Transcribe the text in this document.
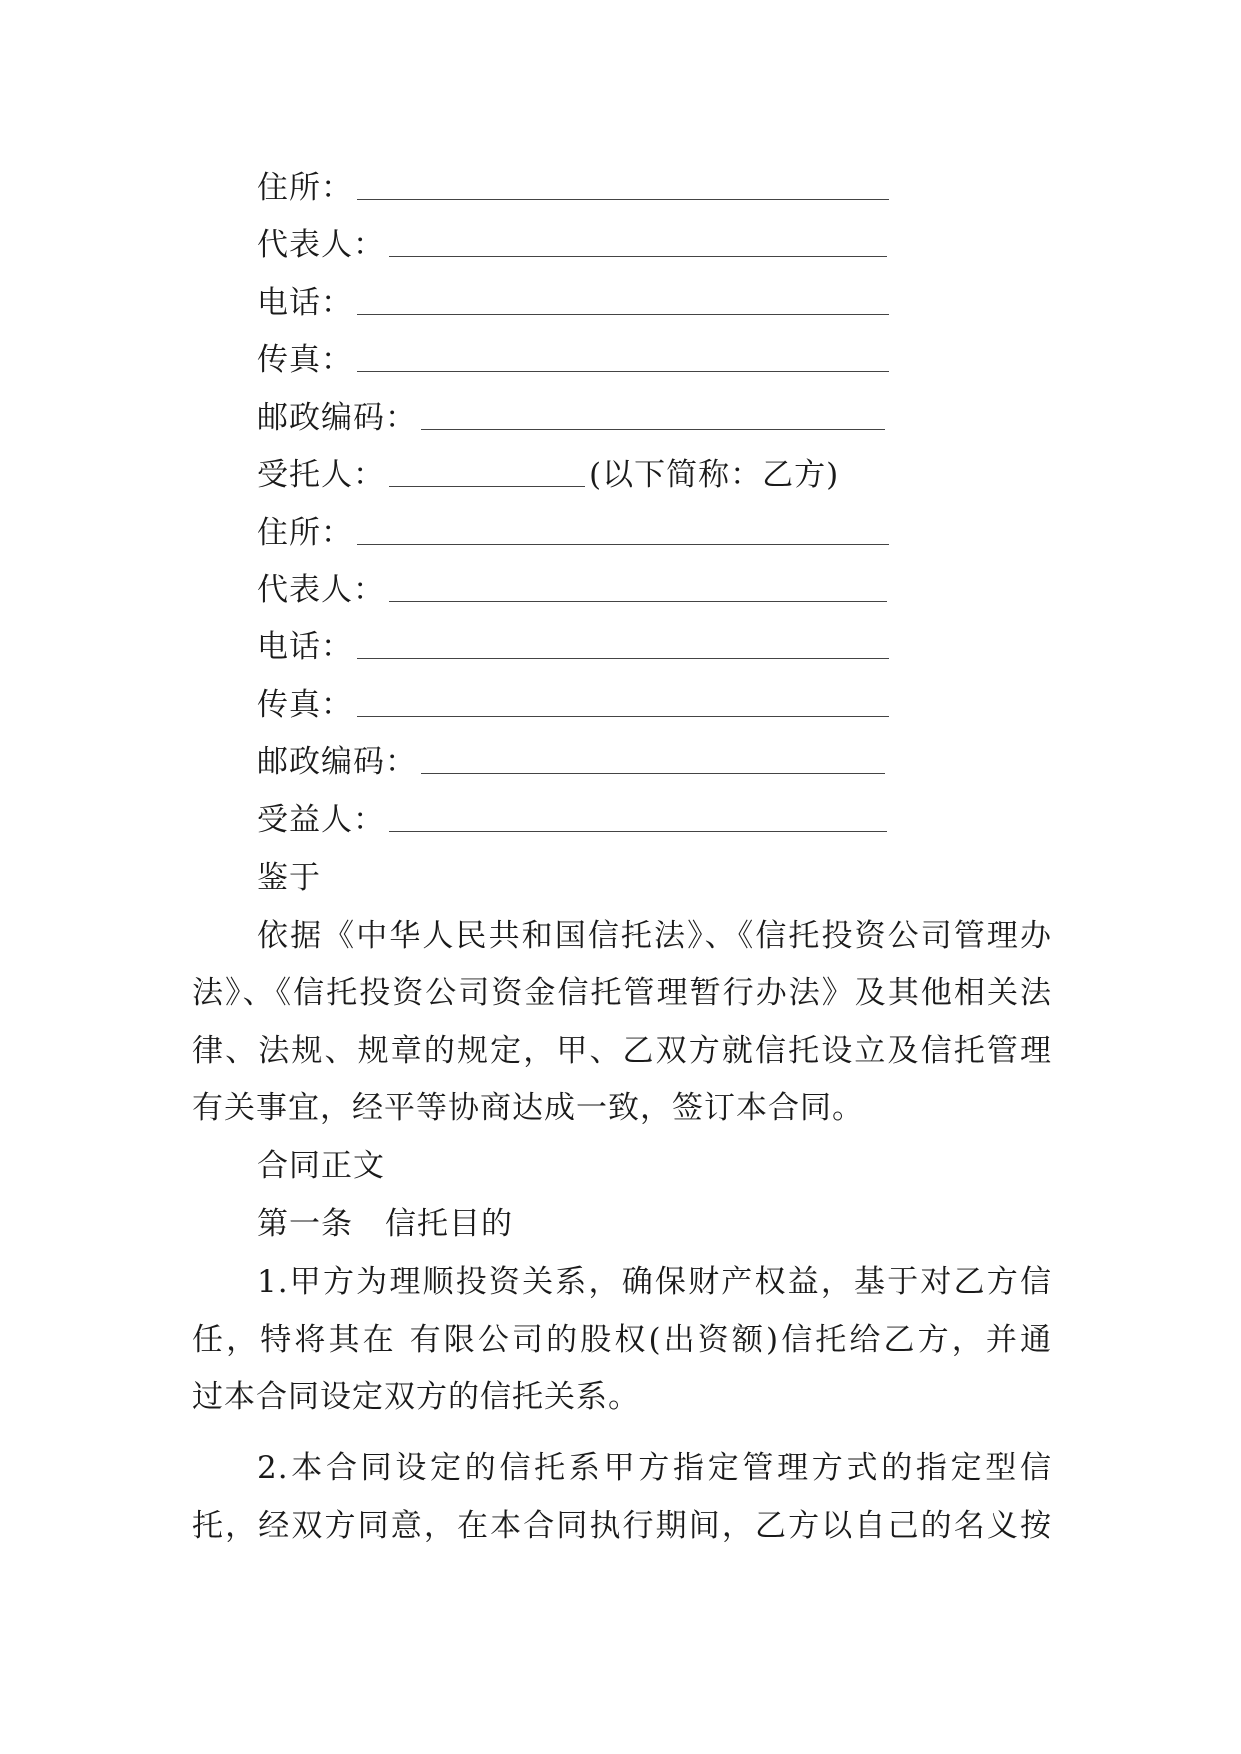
住所：
代表人：
电话：
传真：
邮政编码：
受托人：	(以下简称：乙方)
住所：
代表人：
电话：
传真：
邮政编码：
受益人：
鉴于
依据《中华人民共和国信托法》、《信托投资公司管理办
法》、《信托投资公司资金信托管理暂行办法》及其他相关法
律、法规、规章的规定，甲、乙双方就信托设立及信托管理
有关事宜，经平等协商达成一致，签订本合同。
合同正文
第一条　信托目的
1.甲方为理顺投资关系，确保财产权益，基于对乙方信
任，特将其在 有限公司的股权(出资额)信托给乙方，并通
过本合同设定双方的信托关系。
2.本合同设定的信托系甲方指定管理方式的指定型信
托，经双方同意，在本合同执行期间，乙方以自己的名义按
